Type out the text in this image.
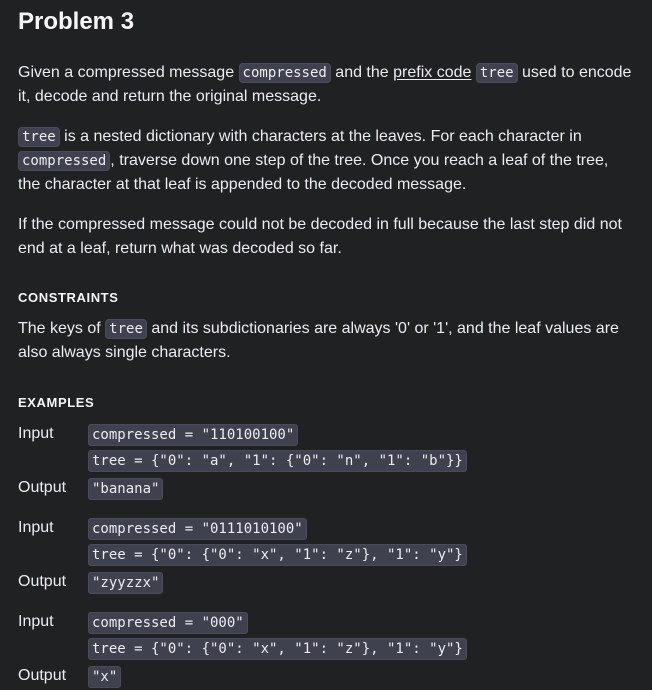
Problem 3

Given a compressed message compressed and the prefix code tree used to encode it, decode and return the original message.

tree is a nested dictionary with characters at the leaves. For each character in compressed , traverse down one step of the tree. Once you reach a leaf of the tree, the character at that leaf is appended to the decoded message.

If the compressed message could not be decoded in full because the last step did not end at a leaf, return what was decoded so far.

CONSTRAINTS

The keys of tree and its subdictionaries are always '0' or '1', and the leaf values are also always single characters.

EXAMPLES
Input	compressed = "110100100"
tree = {"0": "a", "1": {"0": "n", "1": "b"}}
Output	"banana"
Input	compressed = "0111010100"
tree = {"0": {"0": "x", "1": "z"}, "1": "y"}
Output	"zyyzzx"
Input	compressed = "000"
tree = {"0": {"0": "x", "1": "z"}, "1": "y"}
Output	"x"
